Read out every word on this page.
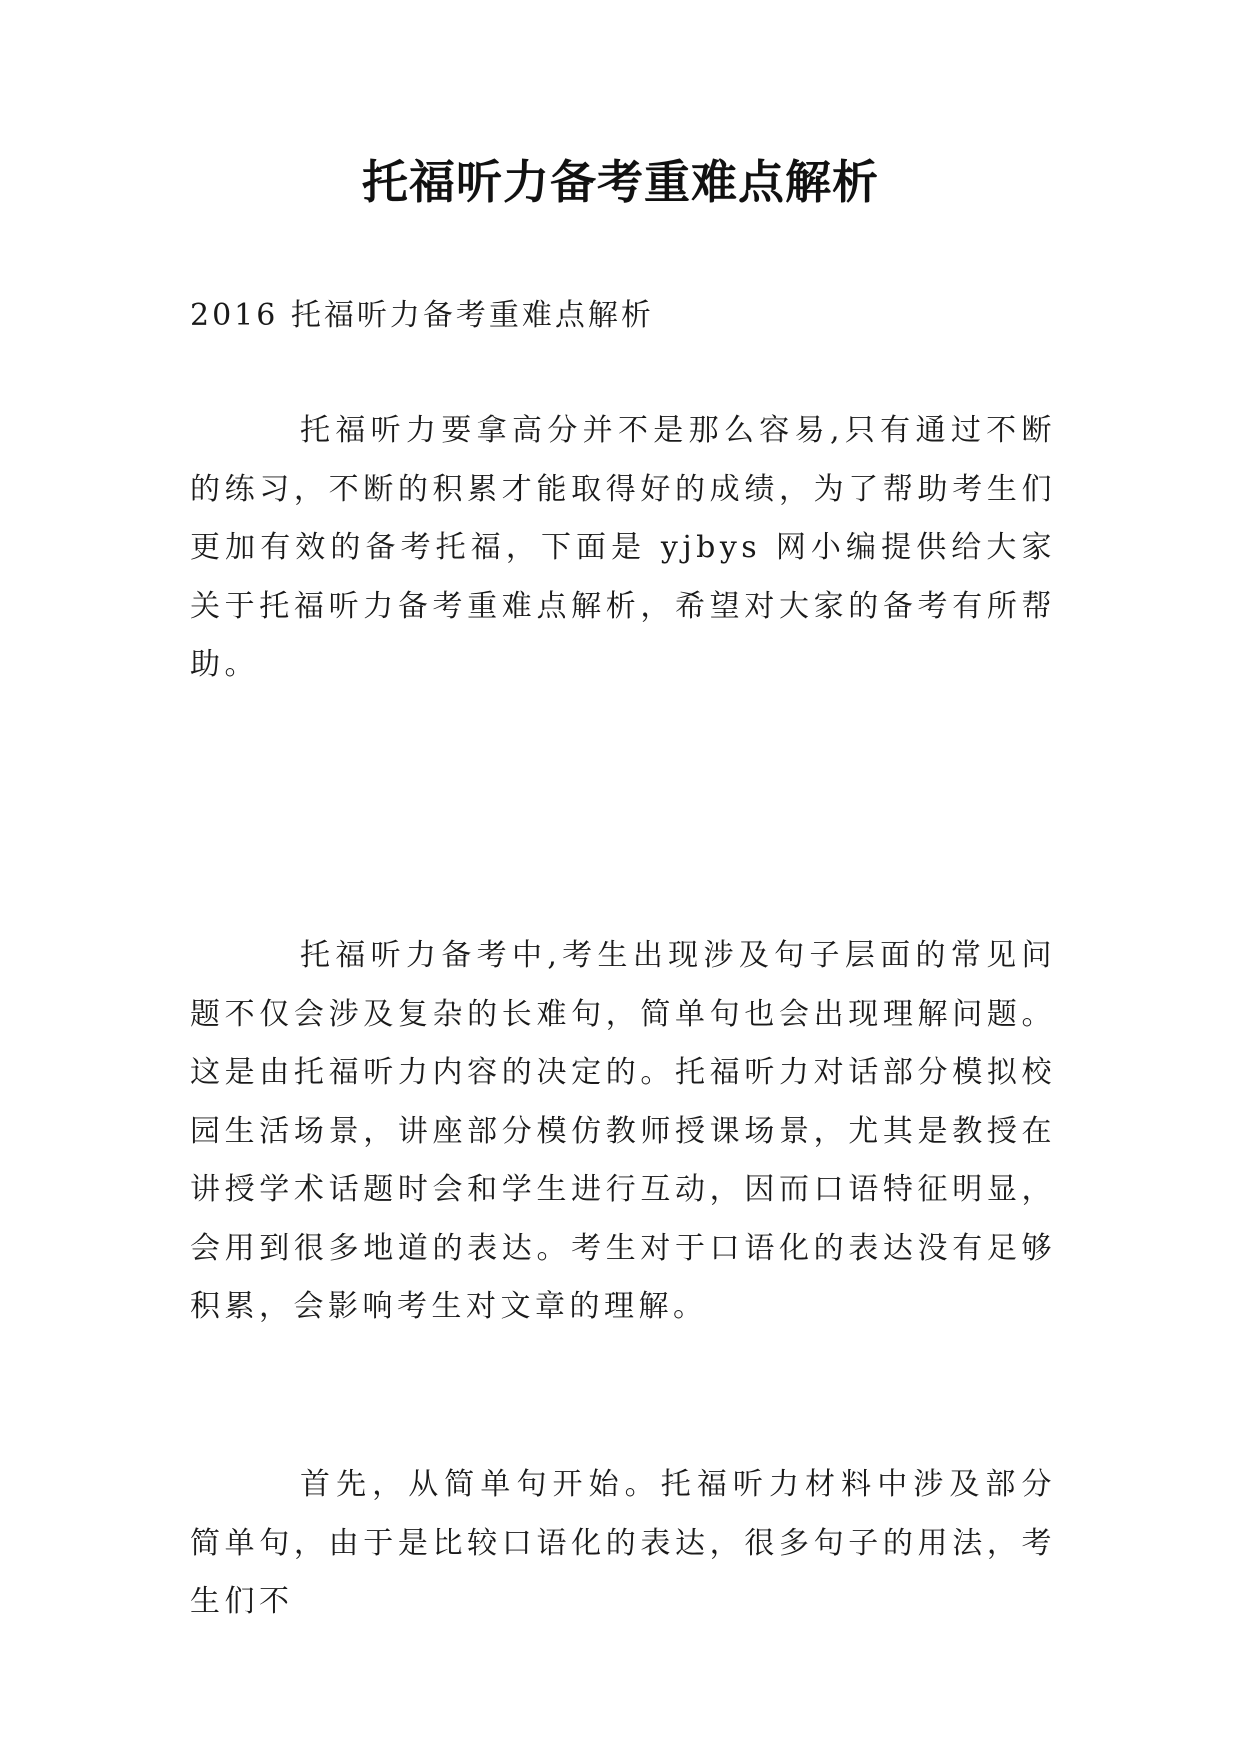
托福听力备考重难点解析

2016 托福听力备考重难点解析

托福听力要拿高分并不是那么容易,只有通过不断的练习，不断的积累才能取得好的成绩，为了帮助考生们更加有效的备考托福，下面是 yjbys 网小编提供给大家关于托福听力备考重难点解析，希望对大家的备考有所帮助。

托福听力备考中,考生出现涉及句子层面的常见问题不仅会涉及复杂的长难句，简单句也会出现理解问题。这是由托福听力内容的决定的。托福听力对话部分模拟校园生活场景，讲座部分模仿教师授课场景，尤其是教授在讲授学术话题时会和学生进行互动，因而口语特征明显，会用到很多地道的表达。考生对于口语化的表达没有足够积累，会影响考生对文章的理解。

首先，从简单句开始。托福听力材料中涉及部分简单句，由于是比较口语化的表达，很多句子的用法，考生们不
